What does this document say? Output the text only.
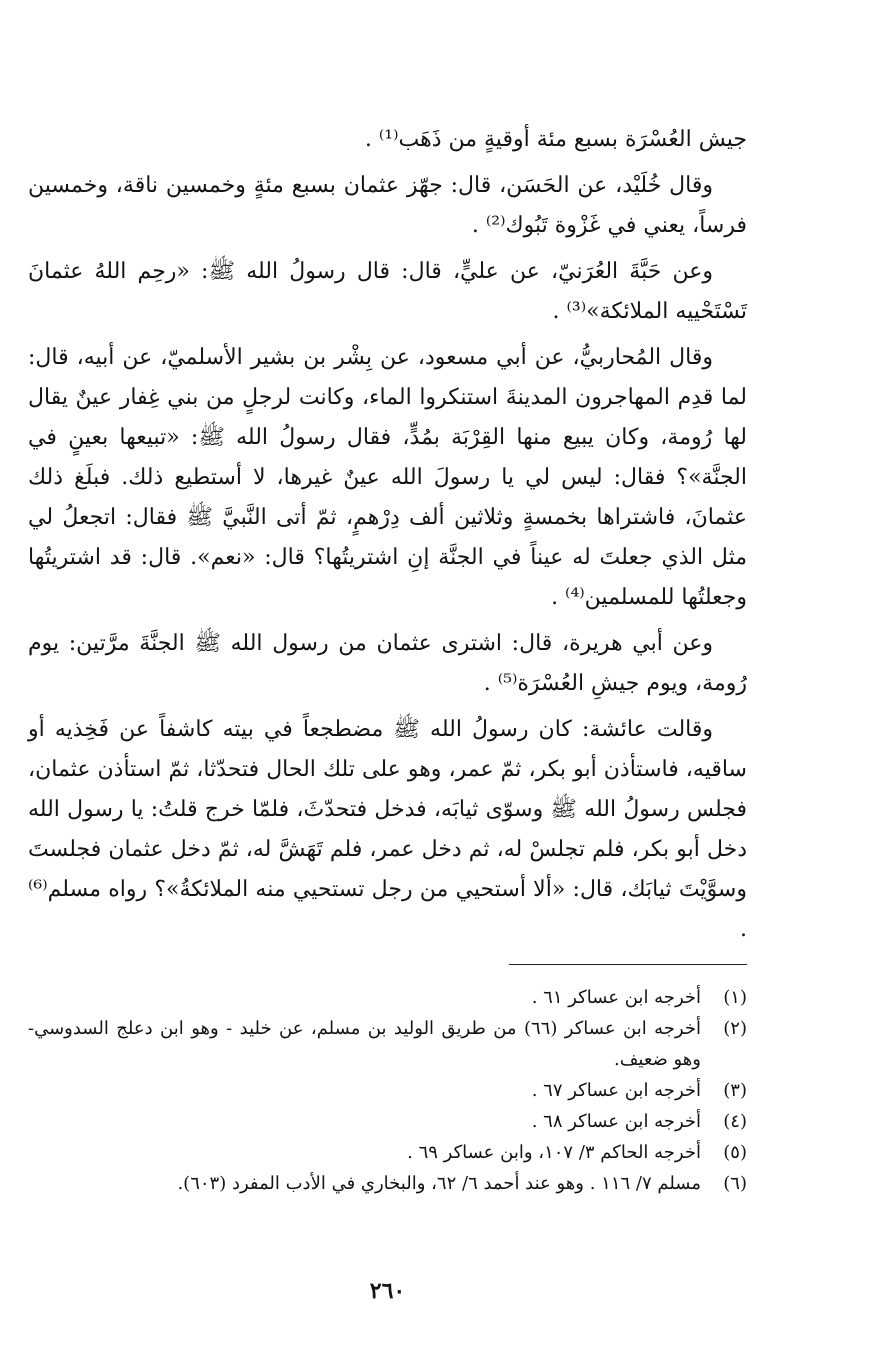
جيش العُسْرَة بسبع مئة أوقيةٍ من ذَهَب⁽¹⁾ .

وقال خُلَيْد، عن الحَسَن، قال: جهّز عثمان بسبع مئةٍ وخمسين ناقة، وخمسين فرساً، يعني في غَزْوة تَبُوك⁽²⁾ .

وعن حَبَّةَ العُرَنيّ، عن عليٍّ، قال: قال رسولُ الله ﷺ: «رحِم اللهُ عثمانَ تَسْتَحْييه الملائكة»⁽³⁾ .

وقال المُحاربيُّ، عن أبي مسعود، عن بِشْر بن بشير الأسلميّ، عن أبيه، قال: لما قدِم المهاجرون المدينةَ استنكروا الماء، وكانت لرجلٍ من بني غِفار عينٌ يقال لها رُومة، وكان يبيع منها القِرْبَة بمُدٍّ، فقال رسولُ الله ﷺ: «تبيعها بعينٍ في الجنَّة»؟ فقال: ليس لي يا رسولَ الله عينٌ غيرها، لا أستطيع ذلك. فبلَغ ذلك عثمانَ، فاشتراها بخمسةٍ وثلاثين ألف دِرْهمٍ، ثمّ أتى النَّبيَّ ﷺ فقال: اتجعلُ لي مثل الذي جعلتَ له عيناً في الجنَّة إنِ اشتريتُها؟ قال: «نعم». قال: قد اشتريتُها وجعلتُها للمسلمين⁽⁴⁾ .

وعن أبي هريرة، قال: اشترى عثمان من رسول الله ﷺ الجنَّةَ مرَّتين: يوم رُومة، ويوم جيشِ العُسْرَة⁽⁵⁾ .

وقالت عائشة: كان رسولُ الله ﷺ مضطجعاً في بيته كاشفاً عن فَخِذيه أو ساقيه، فاستأذن أبو بكر، ثمّ عمر، وهو على تلك الحال فتحدّثا، ثمّ استأذن عثمان، فجلس رسولُ الله ﷺ وسوّى ثيابَه، فدخل فتحدّثَ، فلمّا خرج قلتُ: يا رسول الله دخل أبو بكر، فلم تجلسْ له، ثم دخل عمر، فلم تَهَشَّ له، ثمّ دخل عثمان فجلستَ وسوَّيْتَ ثيابَك، قال: «ألا أستحيي من رجل تستحيي منه الملائكةُ»؟ رواه مسلم⁽⁶⁾ .

(١)
أخرجه ابن عساكر ٦١ .
(٢)
أخرجه ابن عساكر (٦٦) من طريق الوليد بن مسلم، عن خليد - وهو ابن دعلج السدوسي- وهو ضعيف.
(٣)
أخرجه ابن عساكر ٦٧ .
(٤)
أخرجه ابن عساكر ٦٨ .
(٥)
أخرجه الحاكم ٣/ ١٠٧، وابن عساكر ٦٩ .
(٦)
مسلم ٧/ ١١٦ . وهو عند أحمد ٦/ ٦٢، والبخاري في الأدب المفرد (٦٠٣).
٢٦٠
